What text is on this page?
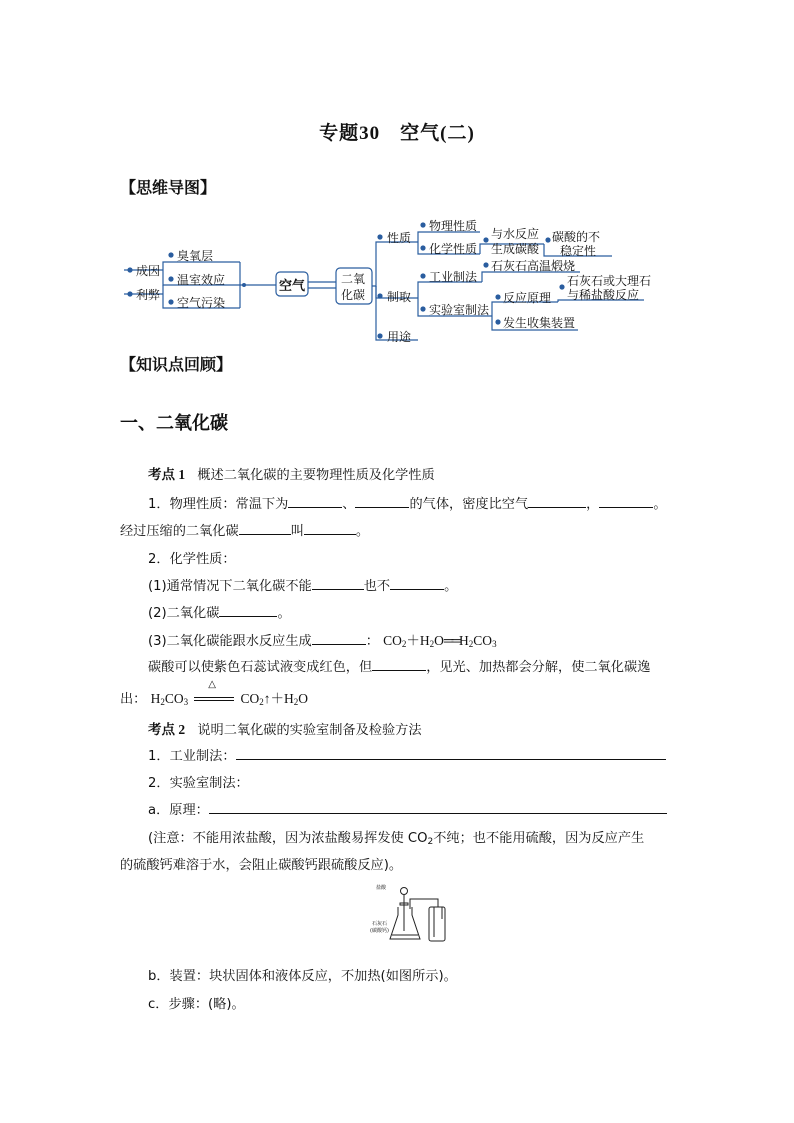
专题30　空气(二)
【思维导图】
成因
利弊
臭氧层
温室效应
空气污染
空气	二氧
化碳
性质
制取
用途
物理性质
化学性质
与水反应
生成碳酸
碳酸的不
稳定性
工业制法
石灰石高温煅烧
实验室制法
反应原理
石灰石或大理石
与稀盐酸反应
发生收集装置
【知识点回顾】
一、二氧化碳
考点 1 概述二氧化碳的主要物理性质及化学性质
1．物理性质：常温下为	、	的气体，密度比空气	，	。
经过压缩的二氧化碳	叫	。
2．化学性质：
(1)通常情况下二氧化碳不能	也不	。
(2)二氧化碳	。
(3)二氧化碳能跟水反应生成	： $CO_2+H_2O══H_2CO_3$
碳酸可以使紫色石蕊试液变成红色，但	，见光、加热都会分解，使二氧化碳逸
出： $H_2CO_3$
△
$CO_2↑+H_2O$
考点 2 说明二氧化碳的实验室制备及检验方法
1．工业制法：
2．实验室制法：
a．原理：
(注意：不能用浓盐酸，因为浓盐酸易挥发使 $CO_2$不纯；也不能用硫酸，因为反应产生
的硫酸钙难溶于水，会阻止碳酸钙跟硫酸反应)。
盐酸
石灰石
(碳酸钙)
b．装置：块状固体和液体反应，不加热(如图所示)。
c．步骤：(略)。
